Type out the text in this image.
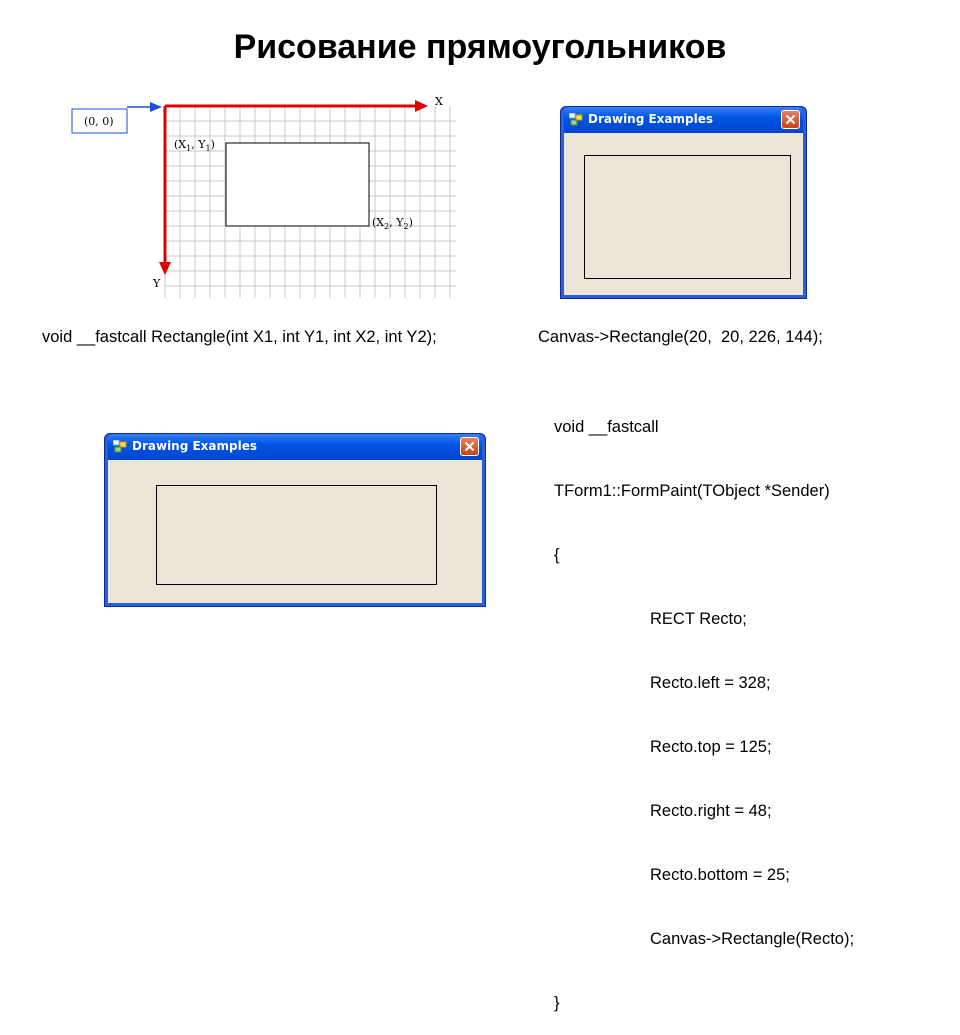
Рисование прямоугольников
(0, 0)
X
Y
($X_1$, $Y_1$)
($X_2$, $Y_2$)
Drawing Examples
Drawing Examples
void __fastcall Rectangle(int X1, int Y1, int X2, int Y2);	Canvas->Rectangle(20,  20, 226, 144);

void __fastcall

TForm1::FormPaint(TObject *Sender)

{

RECT Recto;

Recto.left = 328;

Recto.top = 125;

Recto.right = 48;

Recto.bottom = 25;

Canvas->Rectangle(Recto);

}
